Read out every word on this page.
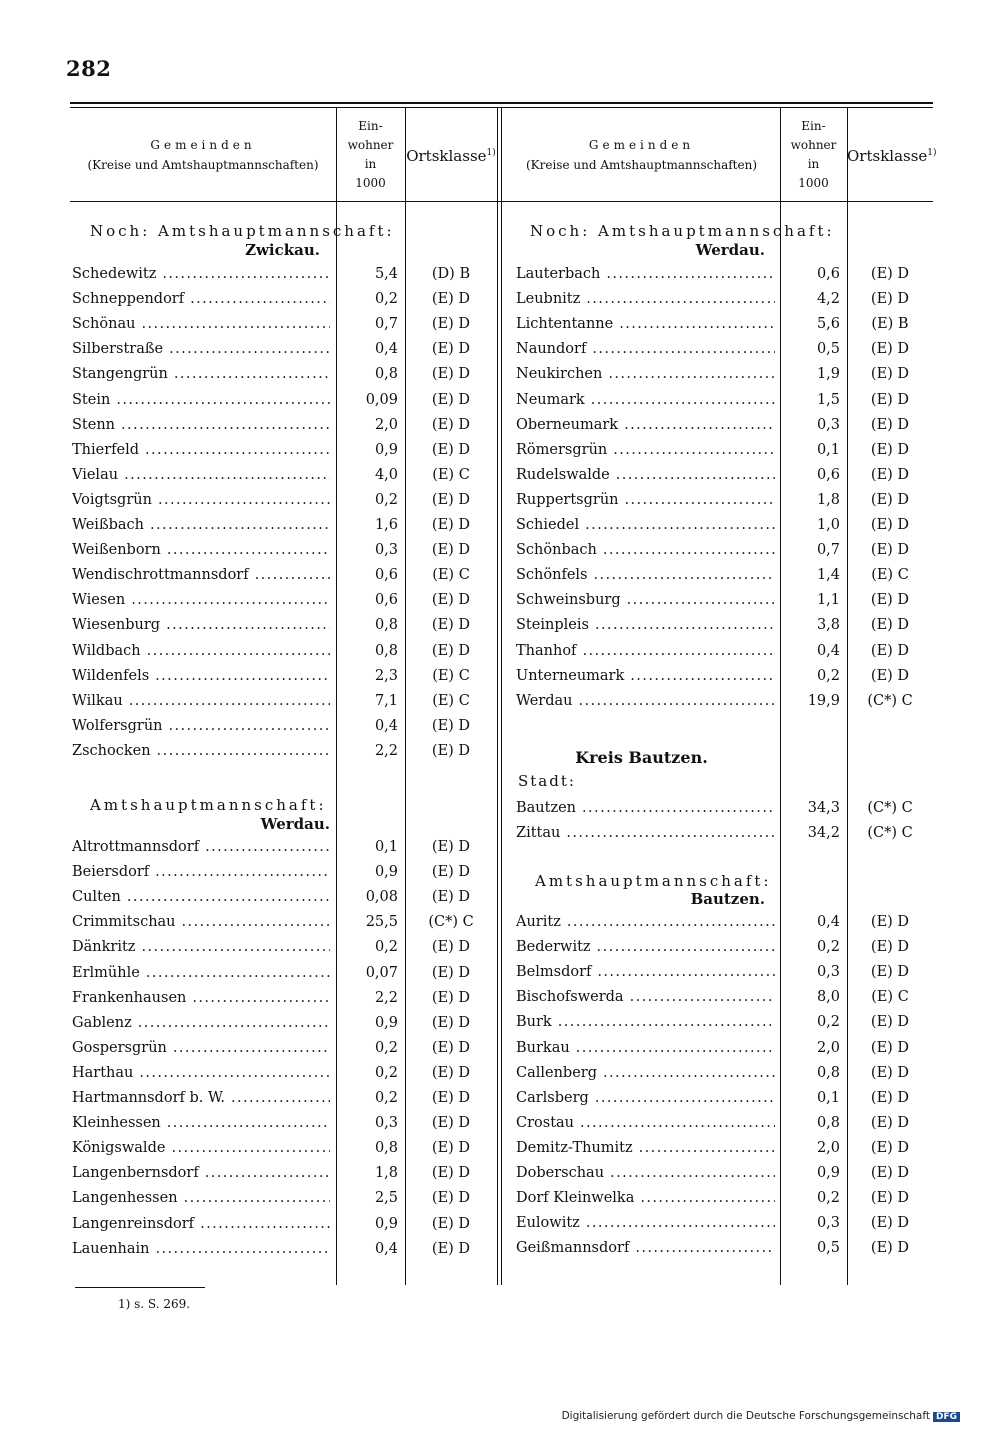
282
Gemeinden
(Kreise und Amtshauptmannschaften)
Ein-
wohner
in
1000
Ortsklasse$^{1)}$
Gemeinden
(Kreise und Amtshauptmannschaften)
Ein-
wohner
in
1000
Ortsklasse$^{1)}$
Noch: Amtshauptmannschaft:
Zwickau.
Schedewitz .....	5,4	(D) B
Schneppendorf .....	0,2	(E) D
Schönau .....	0,7	(E) D
Silberstraße .....	0,4	(E) D
Stangengrün .....	0,8	(E) D
Stein .....	0,09	(E) D
Stenn .....	2,0	(E) D
Thierfeld .....	0,9	(E) D
Vielau .....	4,0	(E) C
Voigtsgrün .....	0,2	(E) D
Weißbach .....	1,6	(E) D
Weißenborn .....	0,3	(E) D
Wendischrottmannsdorf .....	0,6	(E) C
Wiesen .....	0,6	(E) D
Wiesenburg .....	0,8	(E) D
Wildbach .....	0,8	(E) D
Wildenfels .....	2,3	(E) C
Wilkau .....	7,1	(E) C
Wolfersgrün .....	0,4	(E) D
Zschocken .....	2,2	(E) D
Amtshauptmannschaft:
Werdau.
Altrottmannsdorf .....	0,1	(E) D
Beiersdorf .....	0,9	(E) D
Culten .....	0,08	(E) D
Crimmitschau .....	25,5	(C*) C
Dänkritz .....	0,2	(E) D
Erlmühle .....	0,07	(E) D
Frankenhausen .....	2,2	(E) D
Gablenz .....	0,9	(E) D
Gospersgrün .....	0,2	(E) D
Harthau .....	0,2	(E) D
Hartmannsdorf b. W. .....	0,2	(E) D
Kleinhessen .....	0,3	(E) D
Königswalde .....	0,8	(E) D
Langenbernsdorf .....	1,8	(E) D
Langenhessen .....	2,5	(E) D
Langenreinsdorf .....	0,9	(E) D
Lauenhain .....	0,4	(E) D
Noch: Amtshauptmannschaft:
Werdau.
Lauterbach .....	0,6	(E) D
Leubnitz .....	4,2	(E) D
Lichtentanne .....	5,6	(E) B
Naundorf .....	0,5	(E) D
Neukirchen .....	1,9	(E) D
Neumark .....	1,5	(E) D
Oberneumark .....	0,3	(E) D
Römersgrün .....	0,1	(E) D
Rudelswalde .....	0,6	(E) D
Ruppertsgrün .....	1,8	(E) D
Schiedel .....	1,0	(E) D
Schönbach .....	0,7	(E) D
Schönfels .....	1,4	(E) C
Schweinsburg .....	1,1	(E) D
Steinpleis .....	3,8	(E) D
Thanhof .....	0,4	(E) D
Unterneumark .....	0,2	(E) D
Werdau .....	19,9	(C*) C
Kreis Bautzen.
Stadt:
Bautzen .....	34,3	(C*) C
Zittau .....	34,2	(C*) C
Amtshauptmannschaft:
Bautzen.
Auritz .....	0,4	(E) D
Bederwitz .....	0,2	(E) D
Belmsdorf .....	0,3	(E) D
Bischofswerda .....	8,0	(E) C
Burk .....	0,2	(E) D
Burkau .....	2,0	(E) D
Callenberg .....	0,8	(E) D
Carlsberg .....	0,1	(E) D
Crostau .....	0,8	(E) D
Demitz-Thumitz .....	2,0	(E) D
Doberschau .....	0,9	(E) D
Dorf Kleinwelka .....	0,2	(E) D
Eulowitz .....	0,3	(E) D
Geißmannsdorf .....	0,5	(E) D
1) s. S. 269.
Digitalisierung gefördert durch die Deutsche Forschungsgemeinschaft DFG
